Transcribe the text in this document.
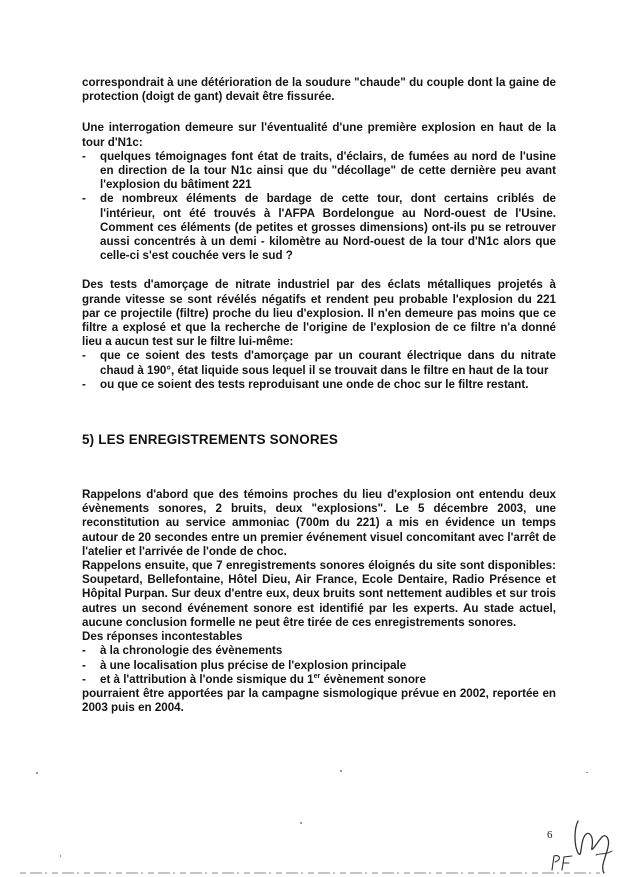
correspondrait à une détérioration de la soudure "chaude" du couple dont la gaine de protection (doigt de gant) devait être fissurée.

Une interrogation demeure sur l'éventualité d'une première explosion en haut de la tour d'N1c:

- quelques témoignages font état de traits, d'éclairs, de fumées au nord de l'usine en direction de la tour N1c ainsi que du "décollage" de cette dernière peu avant l'explosion du bâtiment 221
- de nombreux éléments de bardage de cette tour, dont certains criblés de l'intérieur, ont été trouvés à l'AFPA Bordelongue au Nord-ouest de l'Usine. Comment ces éléments (de petites et grosses dimensions) ont-ils pu se retrouver aussi concentrés à un demi - kilomètre au Nord-ouest de la tour d'N1c alors que celle-ci s'est couchée vers le sud ?

Des tests d'amorçage de nitrate industriel par des éclats métalliques projetés à grande vitesse se sont révélés négatifs et rendent peu probable l'explosion du 221 par ce projectile (filtre) proche du lieu d'explosion. Il n'en demeure pas moins que ce filtre a explosé et que la recherche de l'origine de l'explosion de ce filtre n'a donné lieu a aucun test sur le filtre lui-même:

- que ce soient des tests d'amorçage par un courant électrique dans du nitrate chaud à 190°, état liquide sous lequel il se trouvait dans le filtre en haut de la tour
- ou que ce soient des tests reproduisant une onde de choc sur le filtre restant.
5) LES ENREGISTREMENTS SONORES

Rappelons d'abord que des témoins proches du lieu d'explosion ont entendu deux évènements sonores, 2 bruits, deux "explosions". Le 5 décembre 2003, une reconstitution au service ammoniac (700m du 221) a mis en évidence un temps autour de 20 secondes entre un premier événement visuel concomitant avec l'arrêt de l'atelier et l'arrivée de l'onde de choc.

Rappelons ensuite, que 7 enregistrements sonores éloignés du site sont disponibles: Soupetard, Bellefontaine, Hôtel Dieu, Air France, Ecole Dentaire, Radio Présence et Hôpital Purpan. Sur deux d'entre eux, deux bruits sont nettement audibles et sur trois autres un second événement sonore est identifié par les experts. Au stade actuel, aucune conclusion formelle ne peut être tirée de ces enregistrements sonores.

Des réponses incontestables

- à la chronologie des évènements
- à une localisation plus précise de l'explosion principale
- et à l'attribution à l'onde sismique du 1er évènement sonore

pourraient être apportées par la campagne sismologique prévue en 2002, reportée en 2003 puis en 2004.

6
